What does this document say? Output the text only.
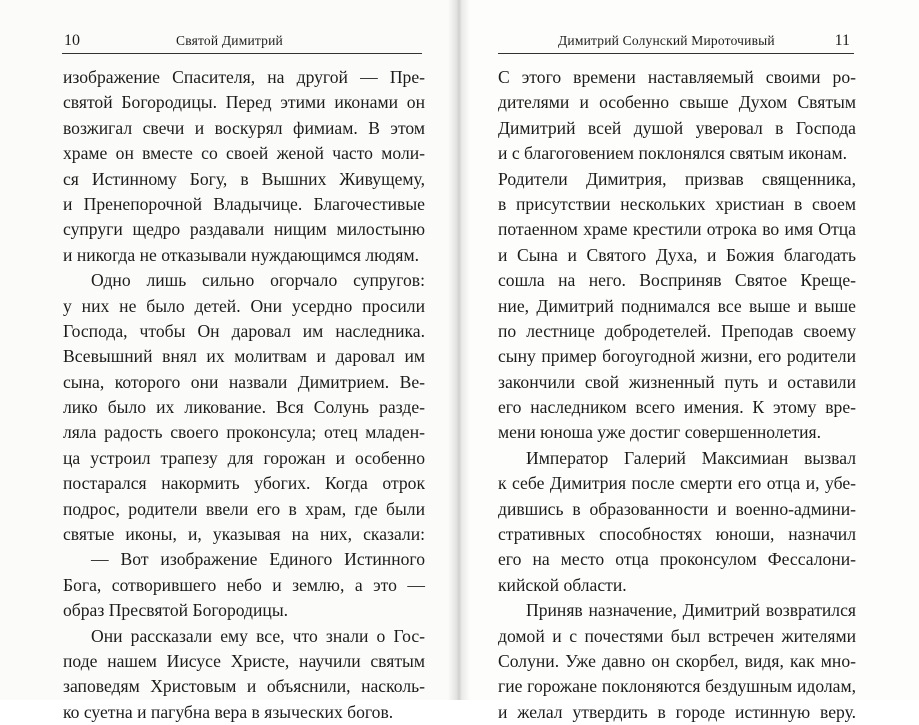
10	Святой Димитрий
изображение Спасителя, на другой — Пре-
святой Богородицы. Перед этими иконами он
возжигал свечи и воскурял фимиам. В этом
храме он вместе со своей женой часто моли-
ся Истинному Богу, в Вышних Живущему,
и Пренепорочной Владычице. Благочестивые
супруги щедро раздавали нищим милостыню
и никогда не отказывали нуждающимся людям.
Одно лишь сильно огорчало супругов:
у них не было детей. Они усердно просили
Господа, чтобы Он даровал им наследника.
Всевышний внял их молитвам и даровал им
сына, которого они назвали Димитрием. Ве-
лико было их ликование. Вся Солунь разде-
ляла радость своего проконсула; отец младен-
ца устроил трапезу для горожан и особенно
постарался накормить убогих. Когда отрок
подрос, родители ввели его в храм, где были
святые иконы, и, указывая на них, сказали:
— Вот изображение Единого Истинного
Бога, сотворившего небо и землю, а это —
образ Пресвятой Богородицы.
Они рассказали ему все, что знали о Гос-
поде нашем Иисусе Христе, научили святым
заповедям Христовым и объяснили, насколь-
ко суетна и пагубна вера в языческих богов.
Димитрий Солунский Мироточивый	11
С этого времени наставляемый своими ро-
дителями и особенно свыше Духом Святым
Димитрий всей душой уверовал в Господа
и с благоговением поклонялся святым иконам.
Родители Димитрия, призвав священника,
в присутствии нескольких христиан в своем
потаенном храме крестили отрока во имя Отца
и Сына и Святого Духа, и Божия благодать
сошла на него. Восприняв Святое Креще-
ние, Димитрий поднимался все выше и выше
по лестнице добродетелей. Преподав своему
сыну пример богоугодной жизни, его родители
закончили свой жизненный путь и оставили
его наследником всего имения. К этому вре-
мени юноша уже достиг совершеннолетия.
Император Галерий Максимиан вызвал
к себе Димитрия после смерти его отца и, убе-
дившись в образованности и военно-админи-
стративных способностях юноши, назначил
его на место отца проконсулом Фессалони-
кийской области.
Приняв назначение, Димитрий возвратился
домой и с почестями был встречен жителями
Солуни. Уже давно он скорбел, видя, как мно-
гие горожане поклоняются бездушным идолам,
и желал утвердить в городе истинную веру.
